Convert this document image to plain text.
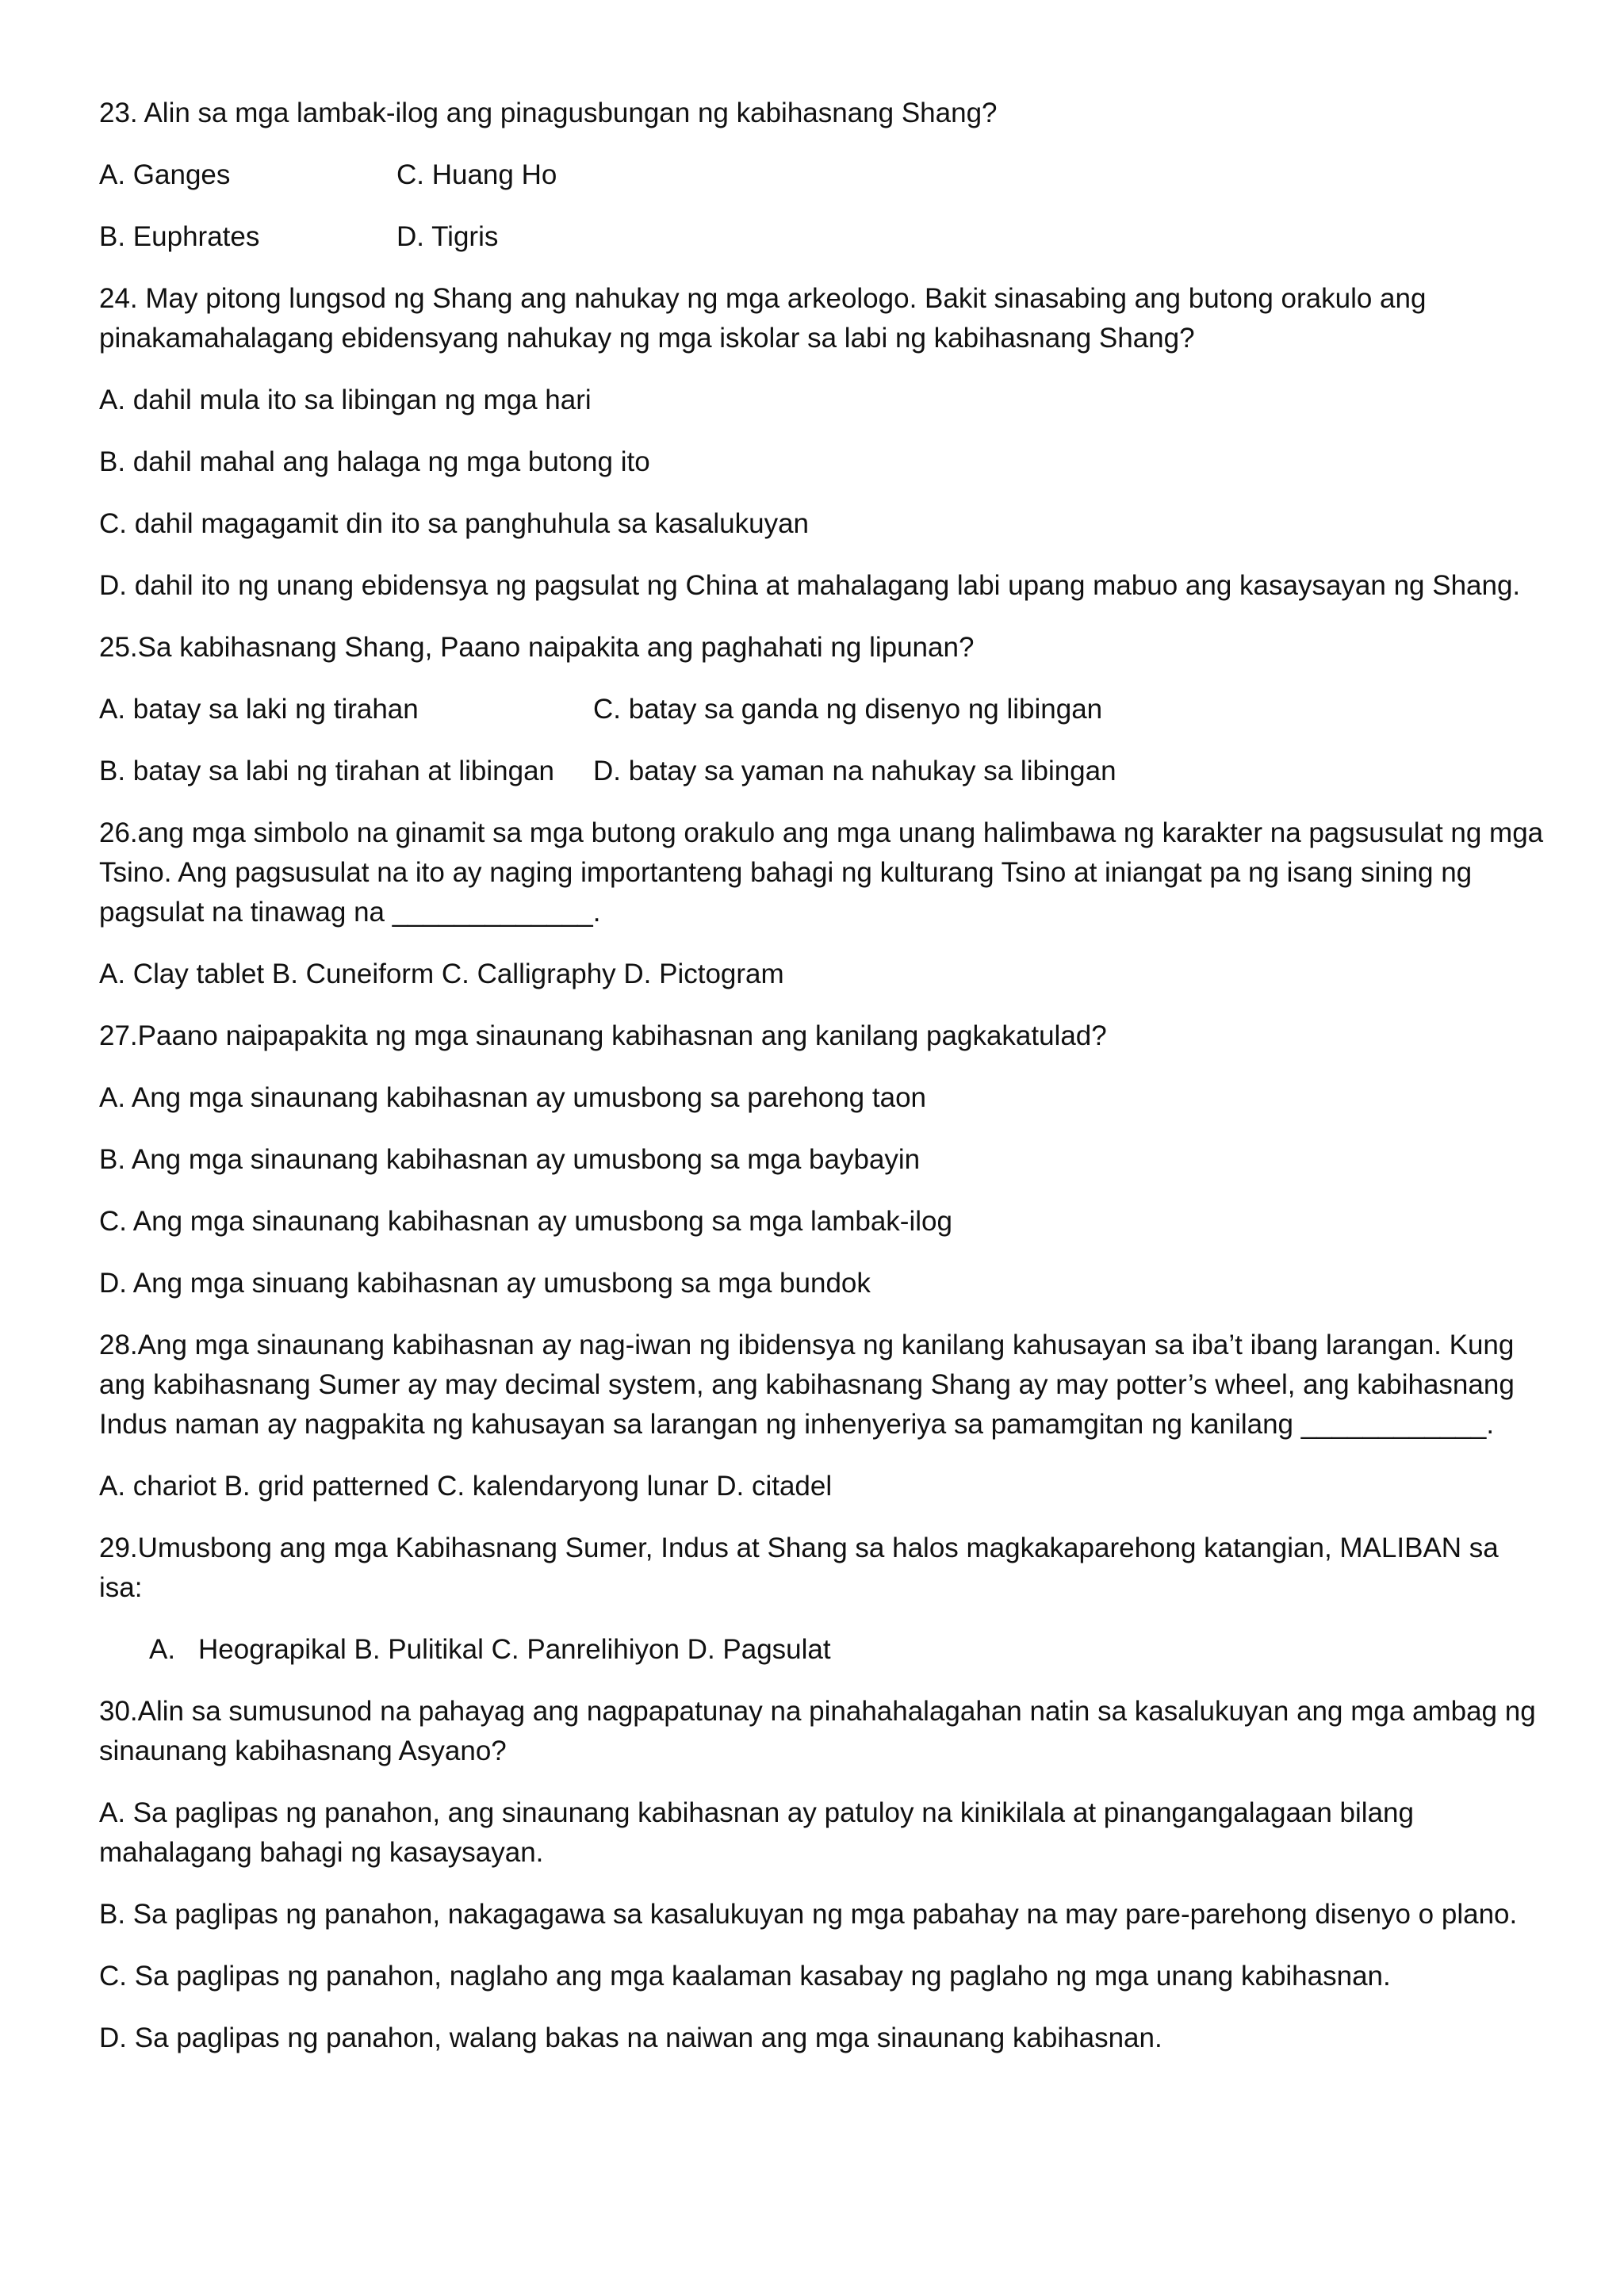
23. Alin sa mga lambak-ilog ang pinagusbungan ng kabihasnang Shang?
A. Ganges	C. Huang Ho
B. Euphrates	D. Tigris
24. May pitong lungsod ng Shang ang nahukay ng mga arkeologo. Bakit sinasabing ang butong orakulo ang pinakamahalagang ebidensyang nahukay ng mga iskolar sa labi ng kabihasnang Shang?
A. dahil mula ito sa libingan ng mga hari
B. dahil mahal ang halaga ng mga butong ito
C. dahil magagamit din ito sa panghuhula sa kasalukuyan
D. dahil ito ng unang ebidensya ng pagsulat ng China at mahalagang labi upang mabuo ang kasaysayan ng Shang.
25.Sa kabihasnang Shang, Paano naipakita ang paghahati ng lipunan?
A. batay sa laki ng tirahan	C. batay sa ganda ng disenyo ng libingan
B. batay sa labi ng tirahan at libingan	D. batay sa yaman na nahukay sa libingan
26.ang mga simbolo na ginamit sa mga butong orakulo ang mga unang halimbawa ng karakter na pagsusulat ng mga Tsino. Ang pagsusulat na ito ay naging importanteng bahagi ng kulturang Tsino at iniangat pa ng isang sining ng pagsulat na tinawag na _____________.
A. Clay tablet B. Cuneiform C. Calligraphy D. Pictogram
27.Paano naipapakita ng mga sinaunang kabihasnan ang kanilang pagkakatulad?
A. Ang mga sinaunang kabihasnan ay umusbong sa parehong taon
B. Ang mga sinaunang kabihasnan ay umusbong sa mga baybayin
C. Ang mga sinaunang kabihasnan ay umusbong sa mga lambak-ilog
D. Ang mga sinuang kabihasnan ay umusbong sa mga bundok
28.Ang mga sinaunang kabihasnan ay nag-iwan ng ibidensya ng kanilang kahusayan sa iba’t ibang larangan. Kung ang kabihasnang Sumer ay may decimal system, ang kabihasnang Shang ay may potter’s wheel, ang kabihasnang Indus naman ay nagpakita ng kahusayan sa larangan ng inhenyeriya sa pamamgitan ng kanilang ____________.
A. chariot B. grid patterned C. kalendaryong lunar D. citadel
29.Umusbong ang mga Kabihasnang Sumer, Indus at Shang sa halos magkakaparehong katangian, MALIBAN sa isa:
A. Heograpikal B. Pulitikal C. Panrelihiyon D. Pagsulat
30.Alin sa sumusunod na pahayag ang nagpapatunay na pinahahalagahan natin sa kasalukuyan ang mga ambag ng sinaunang kabihasnang Asyano?
A. Sa paglipas ng panahon, ang sinaunang kabihasnan ay patuloy na kinikilala at pinangangalagaan bilang mahalagang bahagi ng kasaysayan.
B. Sa paglipas ng panahon, nakagagawa sa kasalukuyan ng mga pabahay na may pare-parehong disenyo o plano.
C. Sa paglipas ng panahon, naglaho ang mga kaalaman kasabay ng paglaho ng mga unang kabihasnan.
D. Sa paglipas ng panahon, walang bakas na naiwan ang mga sinaunang kabihasnan.
